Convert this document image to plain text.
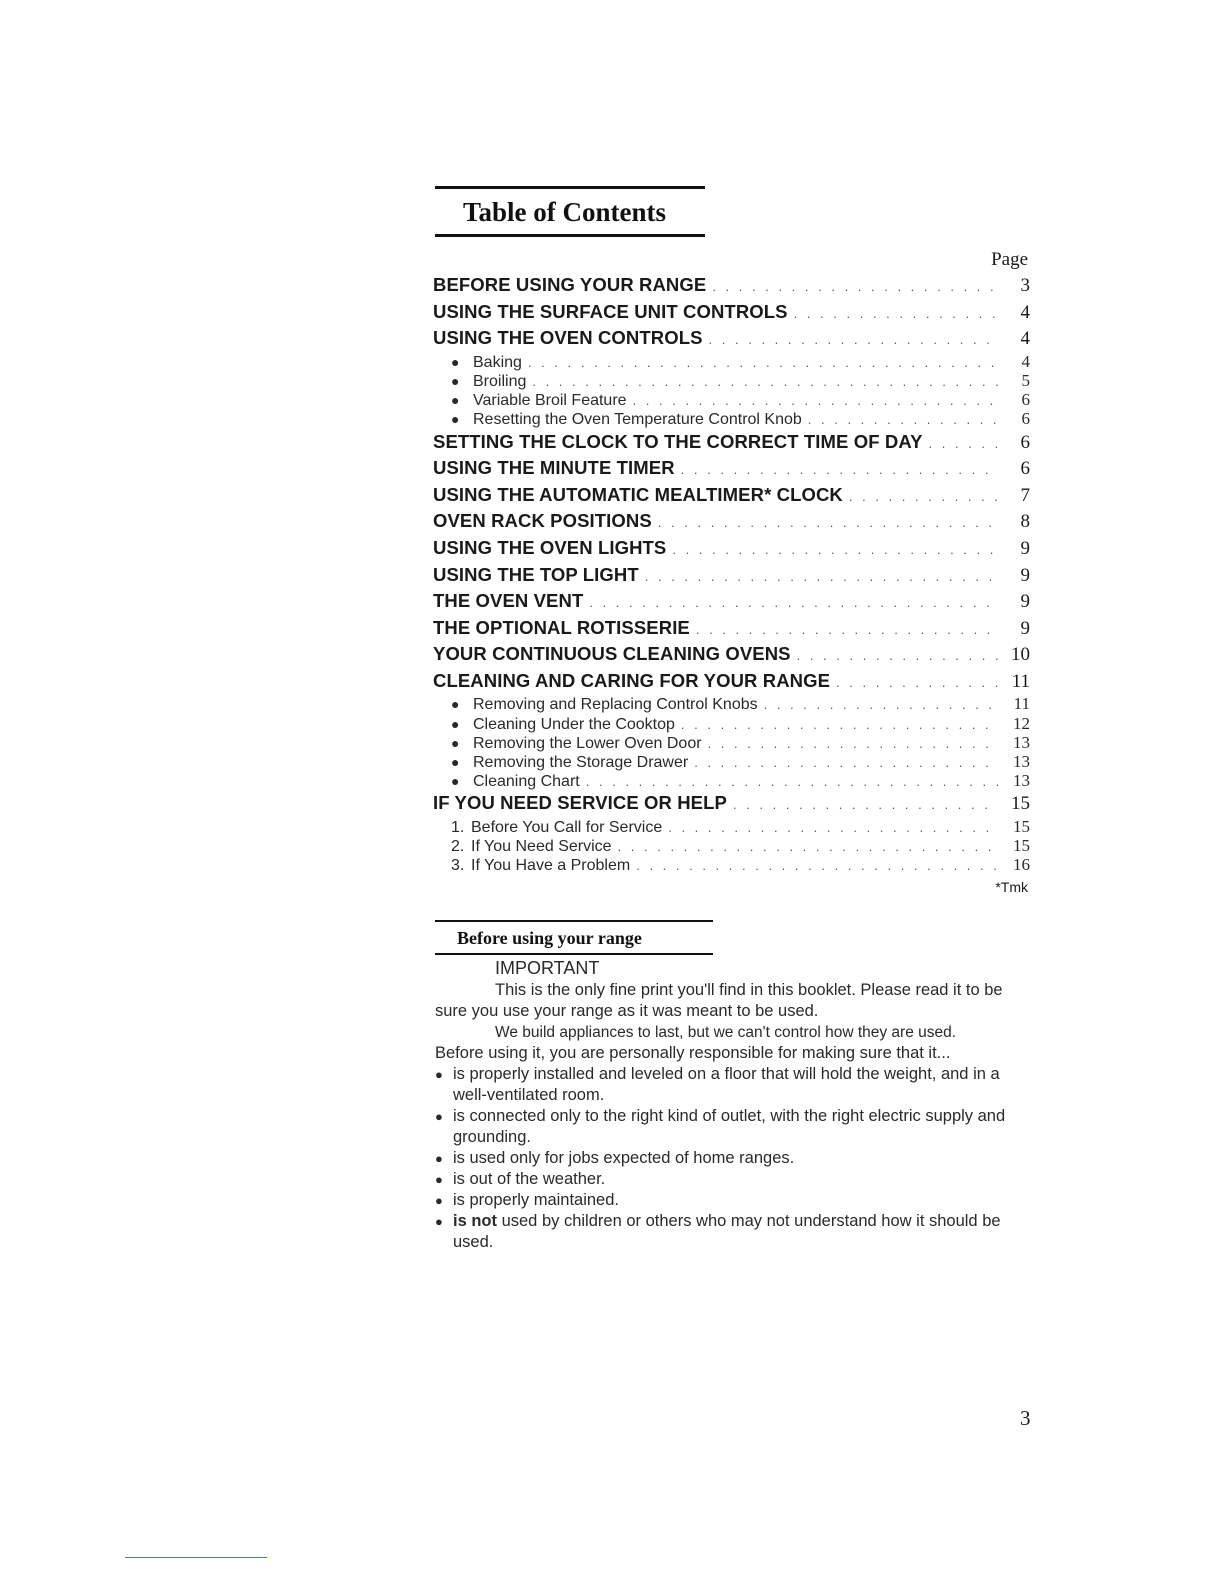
Table of Contents
Page
BEFORE USING YOUR RANGE . . .	3
USING THE SURFACE UNIT CONTROLS . . .	4
USING THE OVEN CONTROLS . . .	4
● Baking . . .	4
● Broiling . . .	5
● Variable Broil Feature . . .	6
● Resetting the Oven Temperature Control Knob . . .	6
SETTING THE CLOCK TO THE CORRECT TIME OF DAY . . .	6
USING THE MINUTE TIMER . . .	6
USING THE AUTOMATIC MEALTIMER* CLOCK . . .	7
OVEN RACK POSITIONS . . .	8
USING THE OVEN LIGHTS . . .	9
USING THE TOP LIGHT . . .	9
THE OVEN VENT . . .	9
THE OPTIONAL ROTISSERIE . . .	9
YOUR CONTINUOUS CLEANING OVENS . . .	10
CLEANING AND CARING FOR YOUR RANGE . . .	11
● Removing and Replacing Control Knobs . . .	11
● Cleaning Under the Cooktop . . .	12
● Removing the Lower Oven Door . . .	13
● Removing the Storage Drawer . . .	13
● Cleaning Chart . . .	13
IF YOU NEED SERVICE OR HELP . . .	15
1. Before You Call for Service . . .	15
2. If You Need Service . . .	15
3. If You Have a Problem . . .	16
*Tmk
Before using your range

IMPORTANT

This is the only fine print you'll find in this booklet. Please read it to be sure you use your range as it was meant to be used.

We build appliances to last, but we can't control how they are used.

Before using it, you are personally responsible for making sure that it...

● is properly installed and leveled on a floor that will hold the weight, and in a well-ventilated room.
● is connected only to the right kind of outlet, with the right electric supply and grounding.
● is used only for jobs expected of home ranges.
● is out of the weather.
● is properly maintained.
● is not used by children or others who may not understand how it should be used.
3
